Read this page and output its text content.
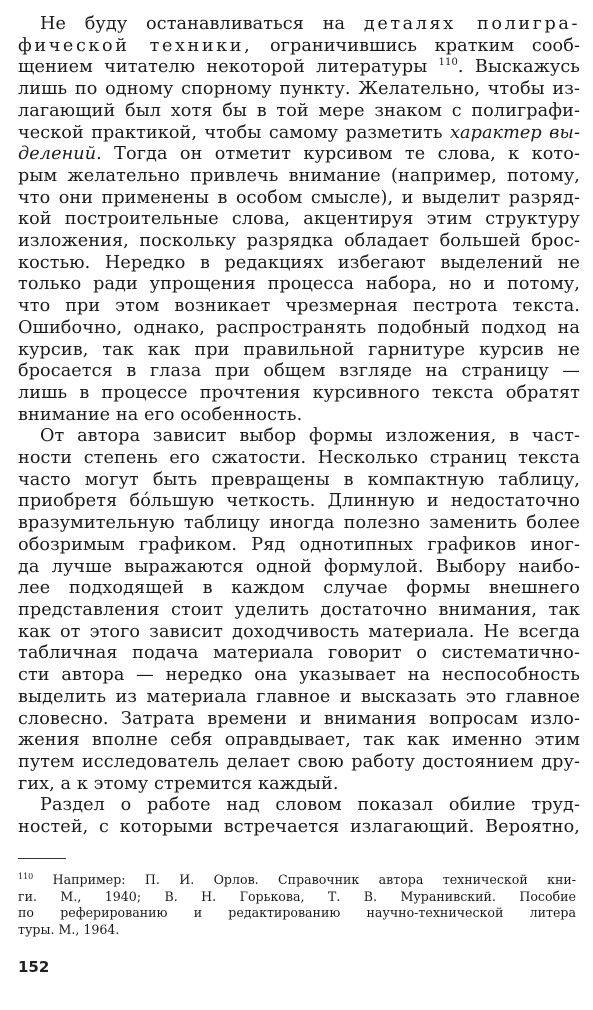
Не буду останавливаться на деталях полигра-
фической техники, ограничившись кратким сооб-
щением читателю некоторой литературы $^{110}$. Выскажусь
лишь по одному спорному пункту. Желательно, чтобы из-
лагающий был хотя бы в той мере знаком с полиграфи-
ческой практикой, чтобы самому разметить характер вы-
делений. Тогда он отметит курсивом те слова, к кото-
рым желательно привлечь внимание (например, потому,
что они применены в особом смысле), и выделит разряд-
кой построительные слова, акцентируя этим структуру
изложения, поскольку разрядка обладает большей брос-
костью. Нередко в редакциях избегают выделений не
только ради упрощения процесса набора, но и потому,
что при этом возникает чрезмерная пестрота текста.
Ошибочно, однако, распространять подобный подход на
курсив, так как при правильной гарнитуре курсив не
бросается в глаза при общем взгляде на страницу —
лишь в процессе прочтения курсивного текста обратят
внимание на его особенность.
От автора зависит выбор формы изложения, в част-
ности степень его сжатости. Несколько страниц текста
часто могут быть превращены в компактную таблицу,
приобретя бо́льшую четкость. Длинную и недостаточно
вразумительную таблицу иногда полезно заменить более
обозримым графиком. Ряд однотипных графиков иног-
да лучше выражаются одной формулой. Выбору наибо-
лее подходящей в каждом случае формы внешнего
представления стоит уделить достаточно внимания, так
как от этого зависит доходчивость материала. Не всегда
табличная подача материала говорит о систематично-
сти автора — нередко она указывает на неспособность
выделить из материала главное и высказать это главное
словесно. Затрата времени и внимания вопросам изло-
жения вполне себя оправдывает, так как именно этим
путем исследователь делает свою работу достоянием дру-
гих, а к этому стремится каждый.
Раздел о работе над словом показал обилие труд-
ностей, с которыми встречается излагающий. Вероятно,
$^{110}$ Например: П. И. Орлов. Справочник автора технической кни-
ги. М., 1940; В. Н. Горькова, Т. В. Муранивский. Пособие
по реферированию и редактированию научно-технической литера
туры. М., 1964.
152
